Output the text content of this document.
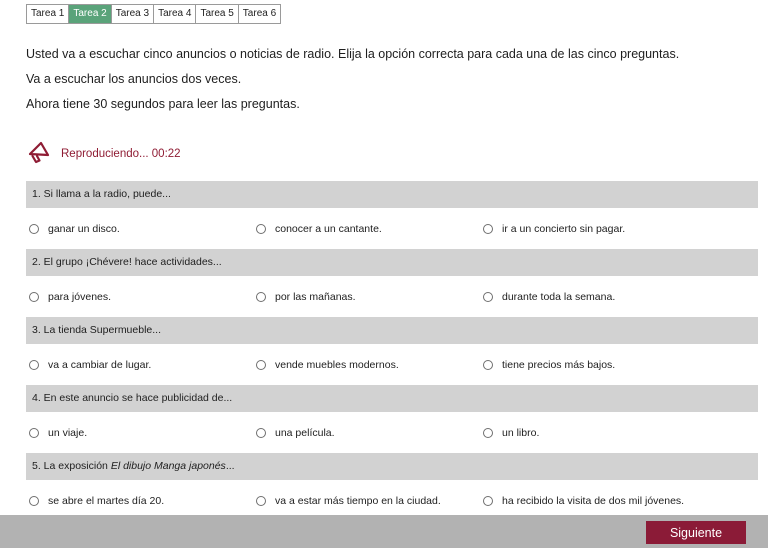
Tarea 1 Tarea 2 Tarea 3 Tarea 4 Tarea 5 Tarea 6

Usted va a escuchar cinco anuncios o noticias de radio. Elija la opción correcta para cada una de las cinco preguntas.

Va a escuchar los anuncios dos veces.

Ahora tiene 30 segundos para leer las preguntas.

Reproduciendo... 00:22
1. Si llama a la radio, puede...
ganar un disco.	conocer a un cantante.	ir a un concierto sin pagar.
2. El grupo ¡Chévere! hace actividades...
para jóvenes.	por las mañanas.	durante toda la semana.
3. La tienda Supermueble...
va a cambiar de lugar.	vende muebles modernos.	tiene precios más bajos.
4. En este anuncio se hace publicidad de...
un viaje.	una película.	un libro.
5. La exposición El dibujo Manga japonés...
se abre el martes día 20.	va a estar más tiempo en la ciudad.	ha recibido la visita de dos mil jóvenes.
Siguiente
